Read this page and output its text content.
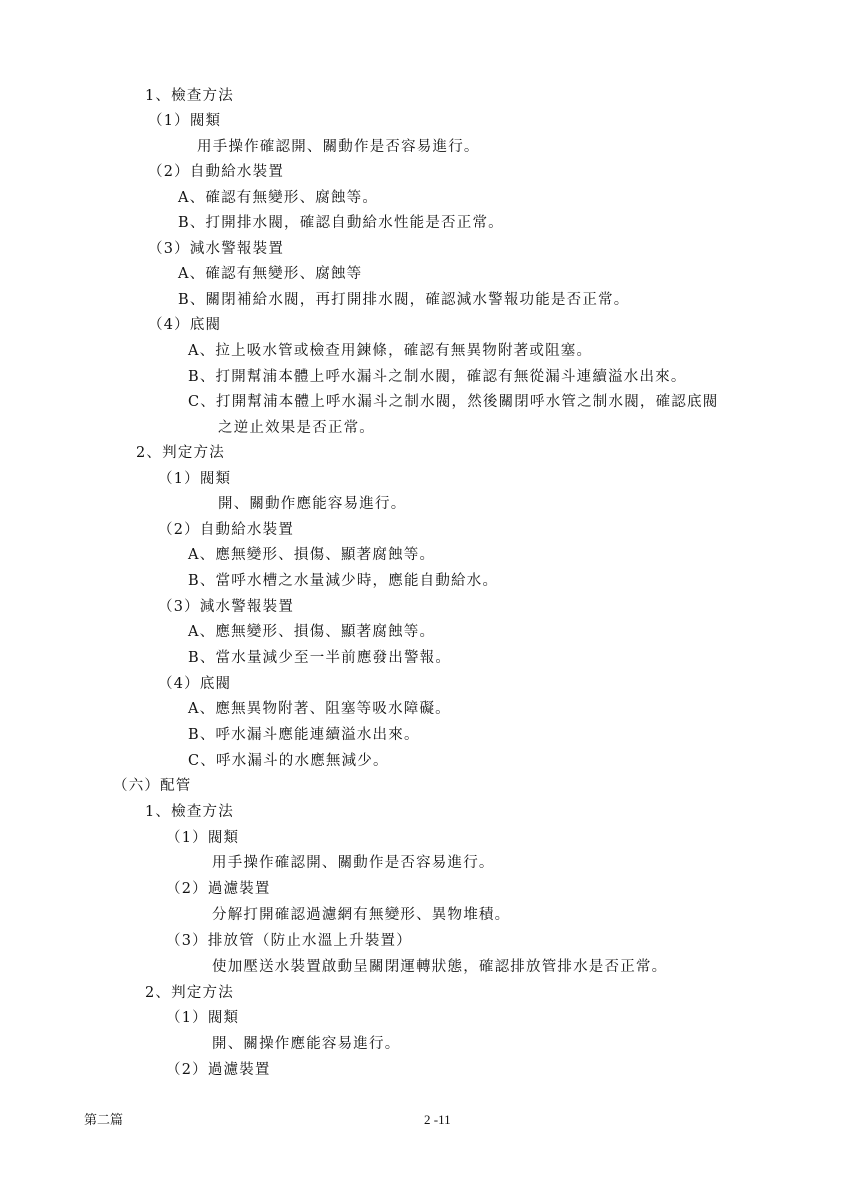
1、檢查方法
（1）閥類
用手操作確認開、關動作是否容易進行。
（2）自動給水裝置
A、確認有無變形、腐蝕等。
B、打開排水閥，確認自動給水性能是否正常。
（3）減水警報裝置
A、確認有無變形、腐蝕等
B、關閉補給水閥，再打開排水閥，確認減水警報功能是否正常。
（4）底閥
A、拉上吸水管或檢查用鍊條，確認有無異物附著或阻塞。
B、打開幫浦本體上呼水漏斗之制水閥，確認有無從漏斗連續溢水出來。
C、打開幫浦本體上呼水漏斗之制水閥，然後關閉呼水管之制水閥，確認底閥
之逆止效果是否正常。
2、判定方法
（1）閥類
開、關動作應能容易進行。
（2）自動給水裝置
A、應無變形、損傷、顯著腐蝕等。
B、當呼水槽之水量減少時，應能自動給水。
（3）減水警報裝置
A、應無變形、損傷、顯著腐蝕等。
B、當水量減少至一半前應發出警報。
（4）底閥
A、應無異物附著、阻塞等吸水障礙。
B、呼水漏斗應能連續溢水出來。
C、呼水漏斗的水應無減少。
（六）配管
1、檢查方法
（1）閥類
用手操作確認開、關動作是否容易進行。
（2）過濾裝置
分解打開確認過濾網有無變形、異物堆積。
（3）排放管（防止水溫上升裝置）
使加壓送水裝置啟動呈關閉運轉狀態，確認排放管排水是否正常。
2、判定方法
（1）閥類
開、關操作應能容易進行。
（2）過濾裝置
第二篇	2 -11
